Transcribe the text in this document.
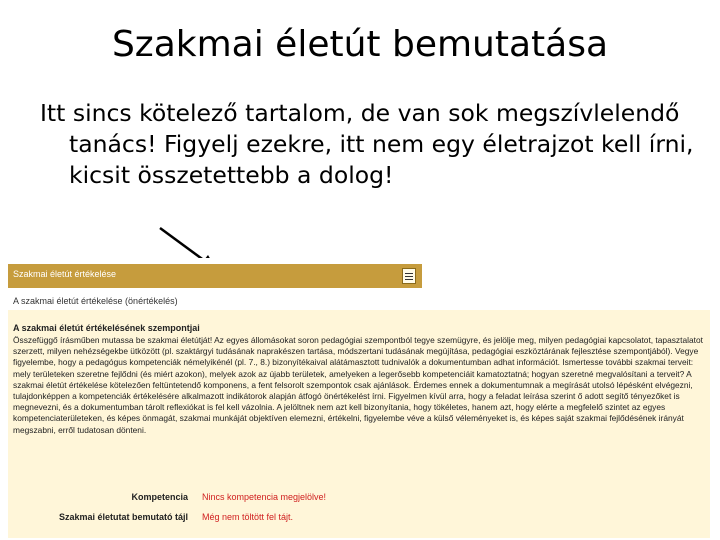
Szakmai életút bemutatása
Itt sincs kötelező tartalom, de van sok megszívlelendő tanács! Figyelj ezekre, itt nem egy életrajzot kell írni, kicsit összetettebb a dolog!
Szakmai életút értékelése
A szakmai életút értékelése (önértékelés)
A szakmai életút értékelésének szempontjai
Összefüggő írásműben mutassa be szakmai életútját! Az egyes állomásokat soron pedagógiai szempontból tegye szemügyre, és jelölje meg, milyen pedagógiai kapcsolatot, tapasztalatot szerzett, milyen nehézségekbe ütközött (pl. szaktárgyi tudásának naprakészen tartása, módszertani tudásának megújítása, pedagógiai eszköztárának fejlesztése szempontjából). Vegye figyelembe, hogy a pedagógus kompetenciák némelyikénél (pl. 7., 8.) bizonyítékaival alátámasztott tudnivalók a dokumentumban adhat információt. Ismertesse további szakmai terveit: mely területeken szeretne fejlődni (és miért azokon), melyek azok az újabb területek, amelyeken a legerősebb kompetenciáit kamatoztatná; hogyan szeretné megvalósítani a terveit? A szakmai életút értékelése kötelezően feltüntetendő komponens, a fent felsorolt szempontok csak ajánlások. Érdemes ennek a dokumentumnak a megírását utolsó lépésként elvégezni, tulajdonképpen a kompetenciák értékelésére alkalmazott indikátorok alapján átfogó önértékelést írni. Figyelmen kívül arra, hogy a feladat leírása szerint ő adott segítő tényezőket is megnevezni, és a dokumentumban tárolt reflexiókat is fel kell vázolnia. A jelöltnek nem azt kell bizonyítania, hogy tökéletes, hanem azt, hogy elérte a megfelelő szintet az egyes kompetenciaterületeken, és képes önmagát, szakmai munkáját objektíven elemezni, értékelni, figyelembe véve a külső véleményeket is, és képes saját szakmai fejlődésének irányát megszabni, erről tudatosan dönteni.
Kompetencia Nincs kompetencia megjelölve!
Szakmai életutat bemutató tájl Még nem töltött fel tájt.
